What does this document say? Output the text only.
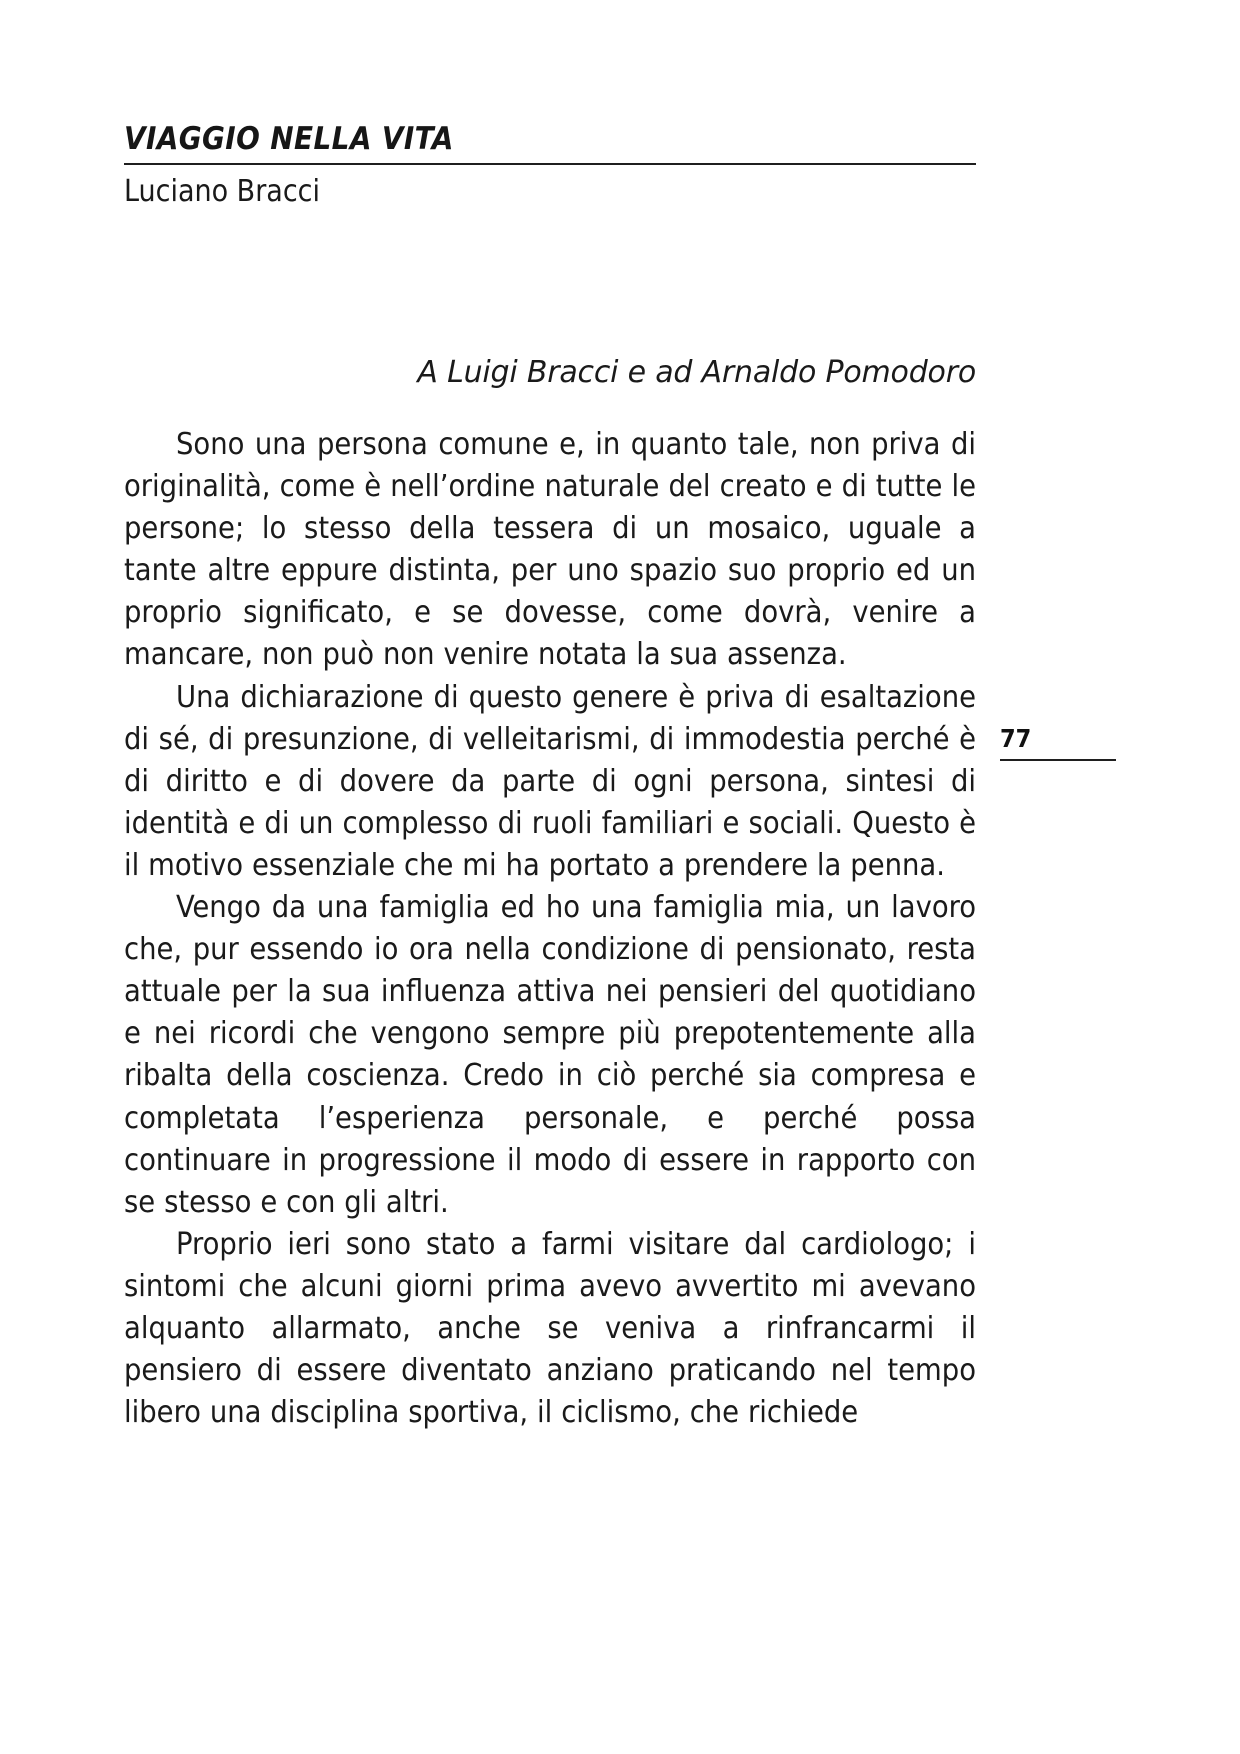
VIAGGIO NELLA VITA

Luciano Bracci

A Luigi Bracci e ad Arnaldo Pomodoro

Sono una persona comune e, in quanto tale, non priva di originalità, come è nell’ordine naturale del creato e di tutte le persone; lo stesso della tessera di un mosaico, uguale a tante altre eppure distinta, per uno spazio suo proprio ed un proprio significato, e se dovesse, come dovrà, venire a mancare, non può non venire notata la sua assenza.

Una dichiarazione di questo genere è priva di esaltazione di sé, di presunzione, di velleitarismi, di immodestia perché è di diritto e di dovere da parte di ogni persona, sintesi di identità e di un complesso di ruoli familiari e sociali. Questo è il motivo essenziale che mi ha portato a prendere la penna.

Vengo da una famiglia ed ho una famiglia mia, un lavoro che, pur essendo io ora nella condizione di pensionato, resta attuale per la sua influenza attiva nei pensieri del quotidiano e nei ricordi che vengono sempre più prepotentemente alla ribalta della coscienza. Credo in ciò perché sia compresa e completata l’esperienza personale, e perché possa continuare in progressione il modo di essere in rapporto con se stesso e con gli altri.

Proprio ieri sono stato a farmi visitare dal cardiologo; i sintomi che alcuni giorni prima avevo avvertito mi avevano alquanto allarmato, anche se veniva a rinfrancarmi il pensiero di essere diventato anziano praticando nel tempo libero una disciplina sportiva, il ciclismo, che richiede

77
